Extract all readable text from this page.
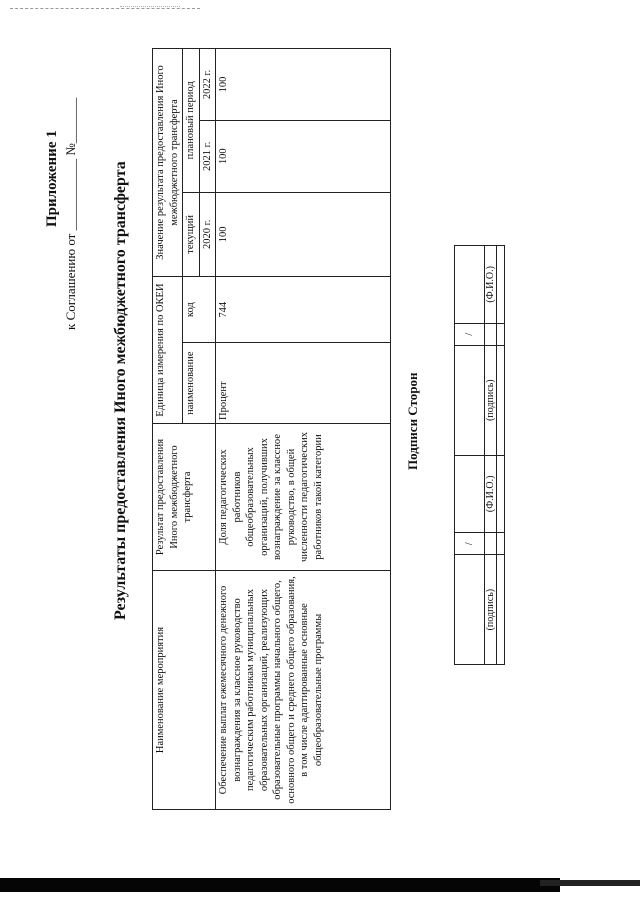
Приложение 1 к Соглашению от ___________ №_______ Результаты предоставления Иного межбюджетного трансферта
Наименование мероприятия	Результат предоставления Иного межбюджетного трансферта	Единица измерения по ОКЕИ		Значение результата предоставления Иного межбюджетного трансферта		
		наименование	код	текущий	плановый период	
				2020 г.	2021 г.	2022 г.
Обеспечение выплат ежемесячного денежного вознаграждения за классное руководство педагогическим работникам муниципальных образовательных организаций, реализующих образовательные программы начального общего, основного общего и среднего общего образования, в том числе адаптированные основные общеобразовательные программы	Доля педагогических работников общеобразовательных организаций, получивших вознаграждение за классное руководство, в общей численности педагогических работников такой категории	Процент	744	100	100	100
Подписи Сторон
	/			/	
(подпись)		(Ф.И.О.)	(подпись)		(Ф.И.О.)
